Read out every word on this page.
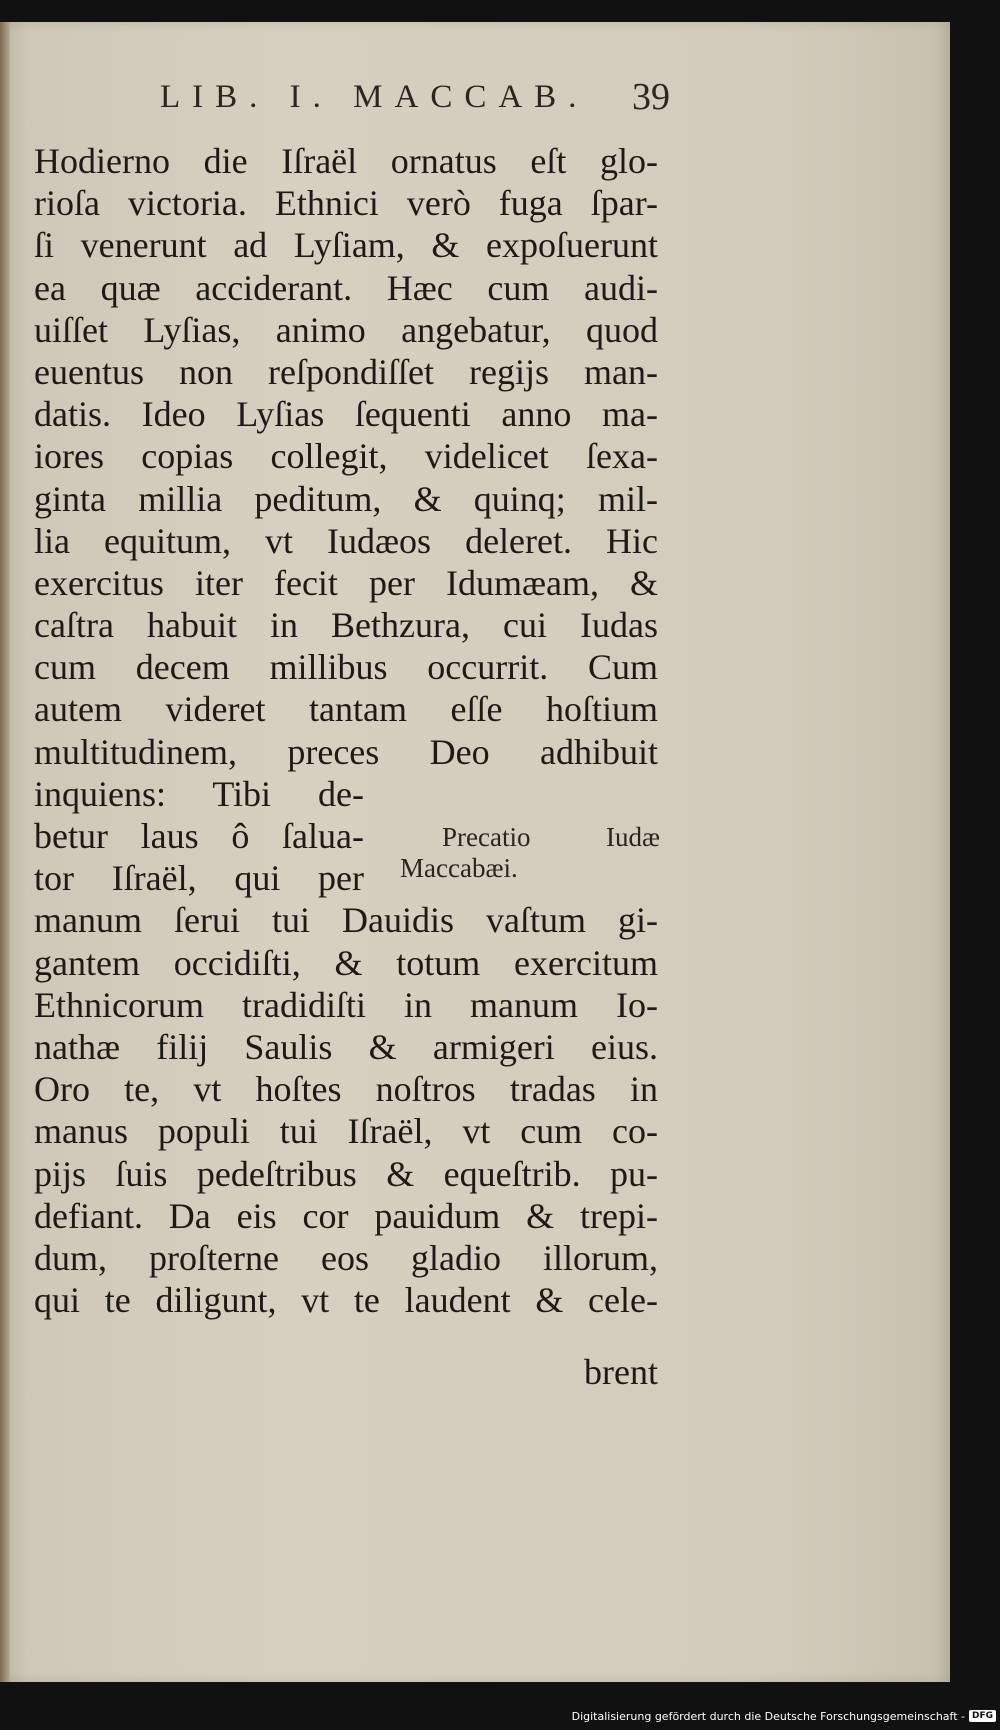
LIB. I. MACCAB. 39
Hodierno die Iſraël ornatus eſt glo-
rioſa victoria. Ethnici verò fuga ſpar-
ſi venerunt ad Lyſiam, & expoſuerunt
ea quæ acciderant. Hæc cum audi-
uiſſet Lyſias, animo angebatur, quod
euentus non reſpondiſſet regijs man-
datis. Ideo Lyſias ſequenti anno ma-
iores copias collegit, videlicet ſexa-
ginta millia peditum, & quinq; mil-
lia equitum, vt Iudæos deleret. Hic
exercitus iter fecit per Idumæam, &
caſtra habuit in Bethzura, cui Iudas
cum decem millibus occurrit. Cum
autem videret tantam eſſe hoſtium
multitudinem, preces Deo adhibuit
inquiens: Tibi de-
betur laus ô ſalua-
tor Iſraël, qui per
manum ſerui tui Dauidis vaſtum gi-
gantem occidiſti, & totum exercitum
Ethnicorum tradidiſti in manum Io-
nathæ filij Saulis & armigeri eius.
Oro te, vt hoſtes noſtros tradas in
manus populi tui Iſraël, vt cum co-
pijs ſuis pedeſtribus & equeſtrib. pu-
defiant. Da eis cor pauidum & trepi-
dum, proſterne eos gladio illorum,
qui te diligunt, vt te laudent & cele-
Precatio Iudæ
Maccabæi.
brent
Digitalisierung gefördert durch die Deutsche Forschungsgemeinschaft - DFG
